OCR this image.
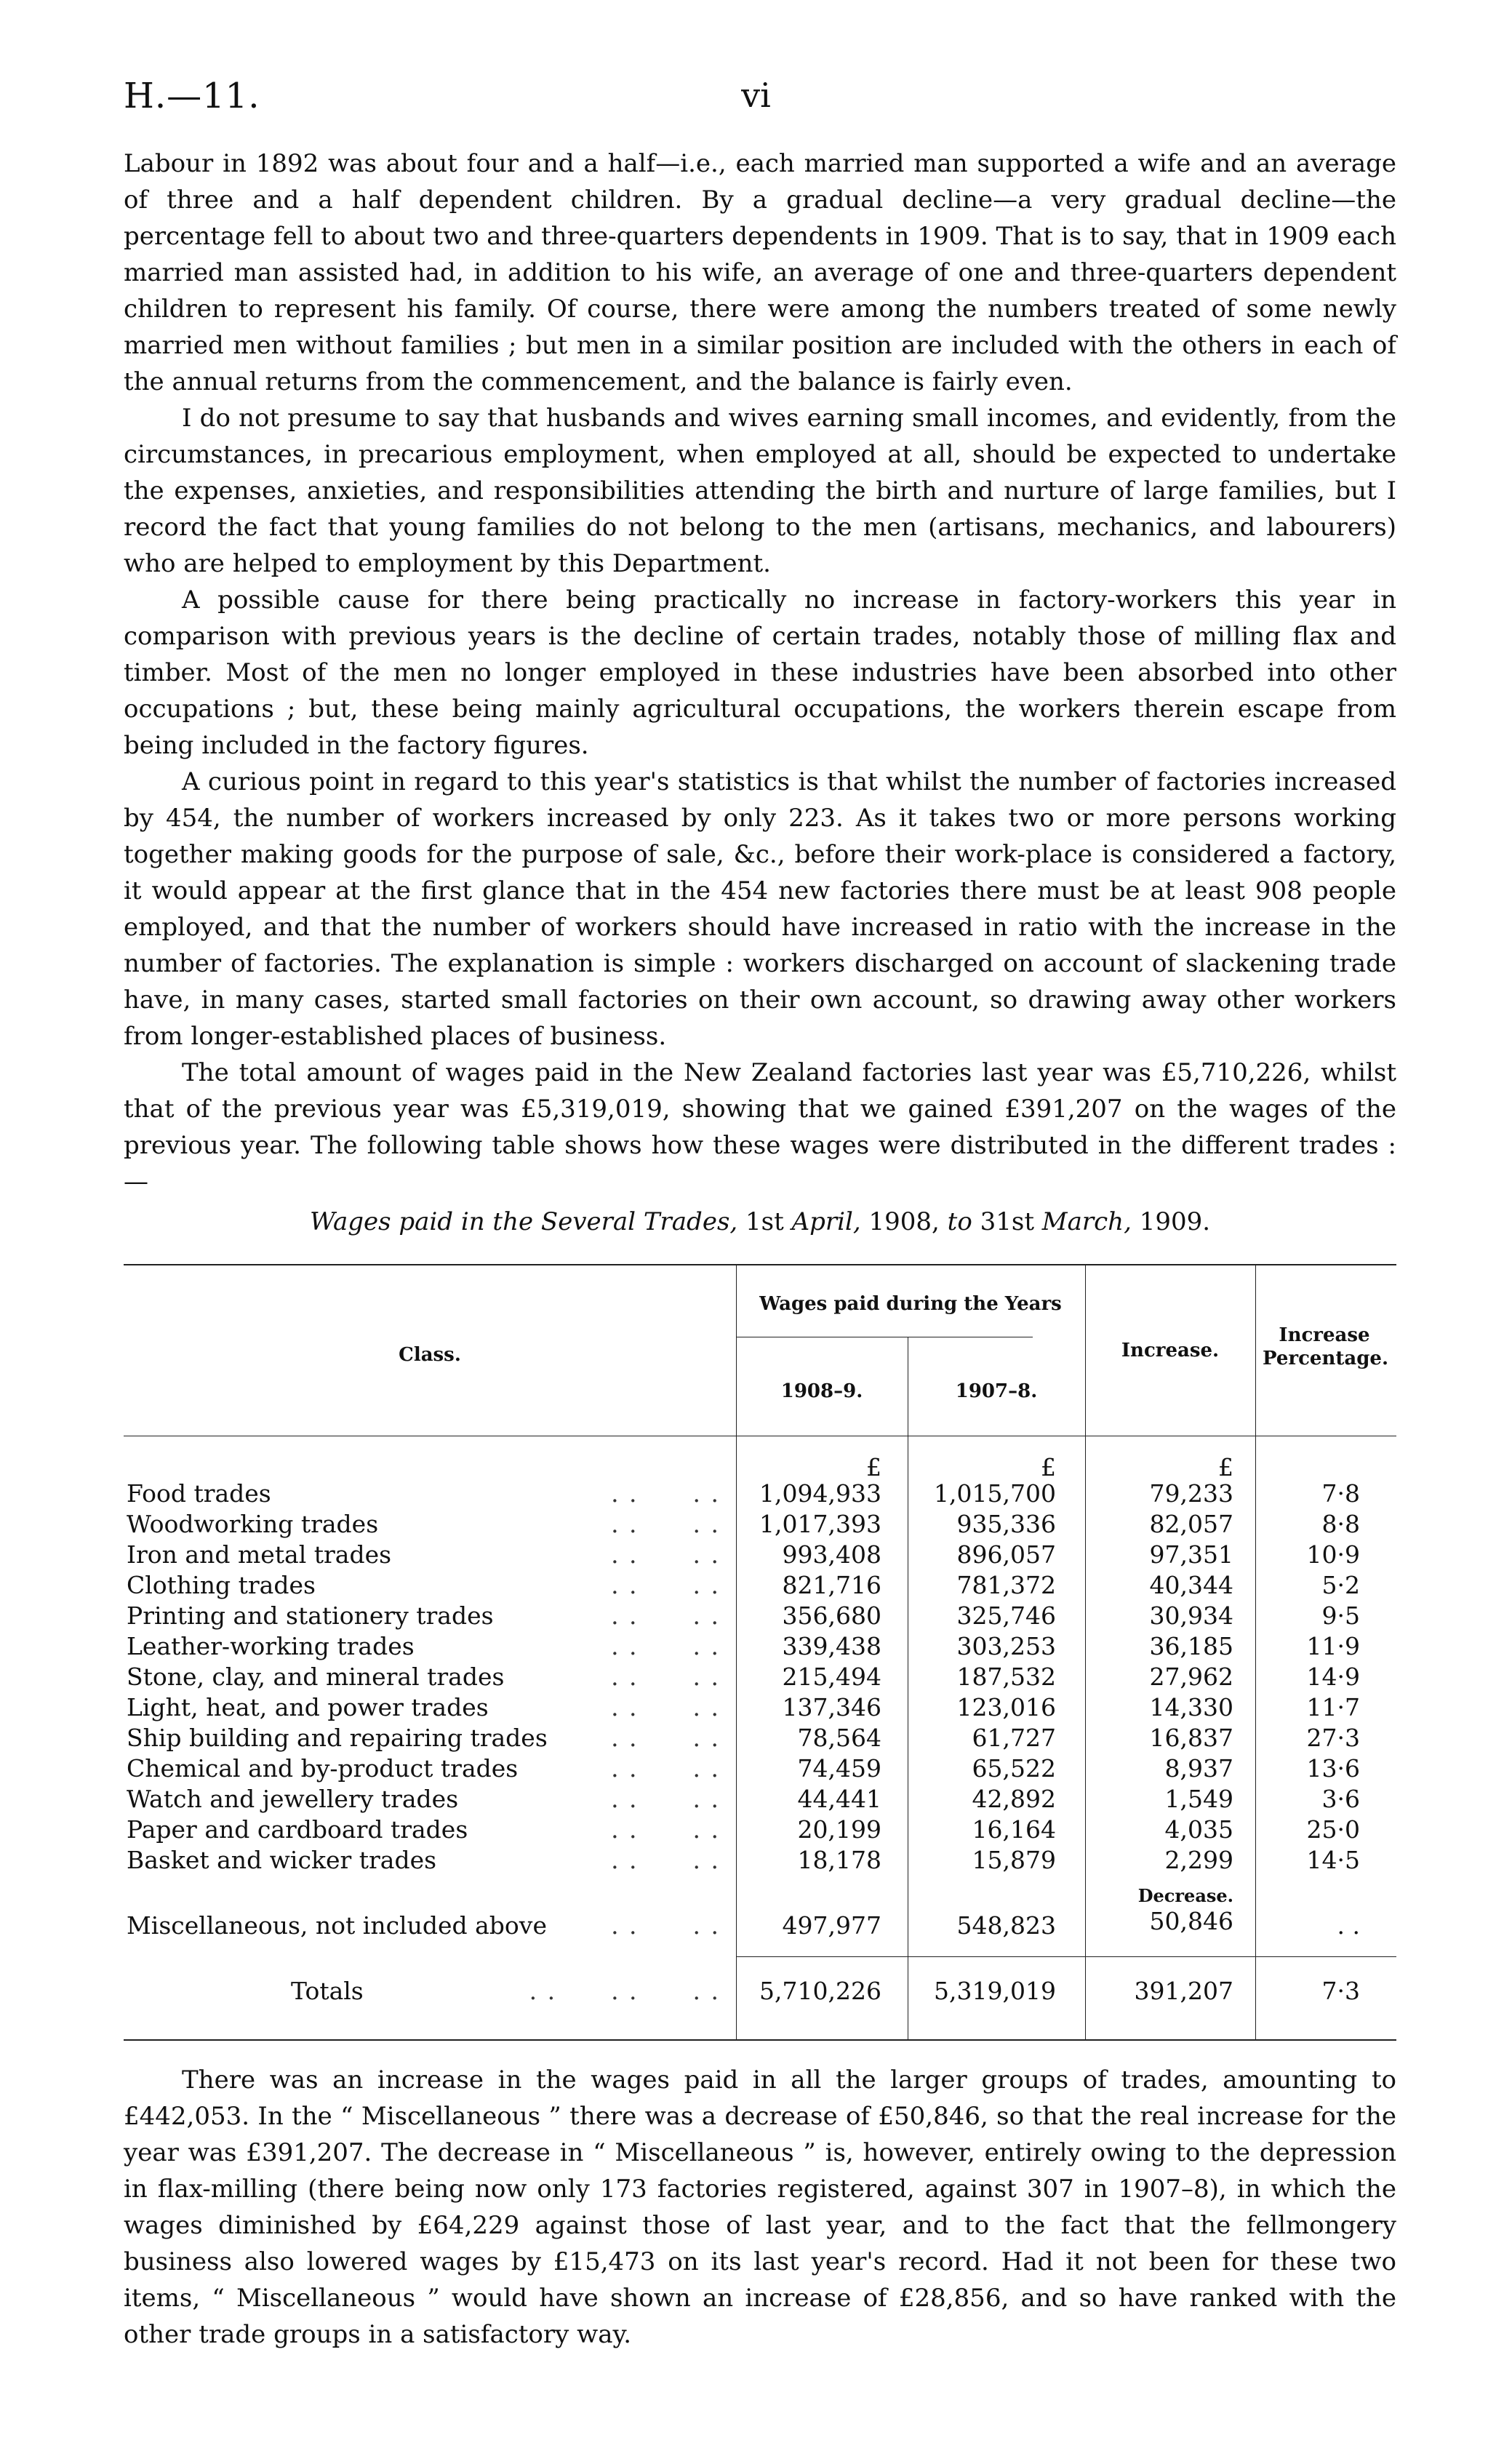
H.—11.	vi

Labour in 1892 was about four and a half—i.e., each married man supported a wife and an average of three and a half dependent children. By a gradual decline—a very gradual decline—the percentage fell to about two and three-quarters dependents in 1909. That is to say, that in 1909 each married man assisted had, in addition to his wife, an average of one and three-quarters dependent children to represent his family. Of course, there were among the numbers treated of some newly married men without families ; but men in a similar position are included with the others in each of the annual returns from the commencement, and the balance is fairly even.

I do not presume to say that husbands and wives earning small incomes, and evidently, from the circumstances, in precarious employment, when employed at all, should be expected to undertake the expenses, anxieties, and responsibilities attending the birth and nurture of large families, but I record the fact that young families do not belong to the men (artisans, mechanics, and labourers) who are helped to employment by this Department.

A possible cause for there being practically no increase in factory-workers this year in comparison with previous years is the decline of certain trades, notably those of milling flax and timber. Most of the men no longer employed in these industries have been absorbed into other occupations ; but, these being mainly agricultural occupations, the workers therein escape from being included in the factory figures.

A curious point in regard to this year's statistics is that whilst the number of factories increased by 454, the number of workers increased by only 223. As it takes two or more persons working together making goods for the purpose of sale, &c., before their work-place is considered a factory, it would appear at the first glance that in the 454 new factories there must be at least 908 people employed, and that the number of workers should have increased in ratio with the increase in the number of factories. The explanation is simple : workers discharged on account of slackening trade have, in many cases, started small factories on their own account, so drawing away other workers from longer-established places of business.

The total amount of wages paid in the New Zealand factories last year was £5,710,226, whilst that of the previous year was £5,319,019, showing that we gained £391,207 on the wages of the previous year. The following table shows how these wages were distributed in the different trades :—

Wages paid in the Several Trades, 1st April, 1908, to 31st March, 1909.
Class.
Wages paid during the Years
1908–9.	1907–8.
Increase.
Increase Percentage.
£	£	£
Food trades	. . . .	1,094,933	1,015,700	79,233	7·8
Woodworking trades	. . . .	1,017,393	935,336	82,057	8·8
Iron and metal trades	. . . .	993,408	896,057	97,351	10·9
Clothing trades	. . . .	821,716	781,372	40,344	5·2
Printing and stationery trades	. . . .	356,680	325,746	30,934	9·5
Leather-working trades	. . . .	339,438	303,253	36,185	11·9
Stone, clay, and mineral trades	. . . .	215,494	187,532	27,962	14·9
Light, heat, and power trades	. . . .	137,346	123,016	14,330	11·7
Ship building and repairing trades	. . . .	78,564	61,727	16,837	27·3
Chemical and by-product trades	. . . .	74,459	65,522	8,937	13·6
Watch and jewellery trades	. . . .	44,441	42,892	1,549	3·6
Paper and cardboard trades	. . . .	20,199	16,164	4,035	25·0
Basket and wicker trades	. . . .	18,178	15,879	2,299	14·5
Decrease.
Miscellaneous, not included above	. . . .	497,977	548,823	50,846	. .
Totals	. . . . . .	5,710,226	5,319,019	391,207	7·3

There was an increase in the wages paid in all the larger groups of trades, amounting to £442,053. In the “ Miscellaneous ” there was a decrease of £50,846, so that the real increase for the year was £391,207. The decrease in “ Miscellaneous ” is, however, entirely owing to the depression in flax-milling (there being now only 173 factories registered, against 307 in 1907–8), in which the wages diminished by £64,229 against those of last year, and to the fact that the fellmongery business also lowered wages by £15,473 on its last year's record. Had it not been for these two items, “ Miscellaneous ” would have shown an increase of £28,856, and so have ranked with the other trade groups in a satisfactory way.
